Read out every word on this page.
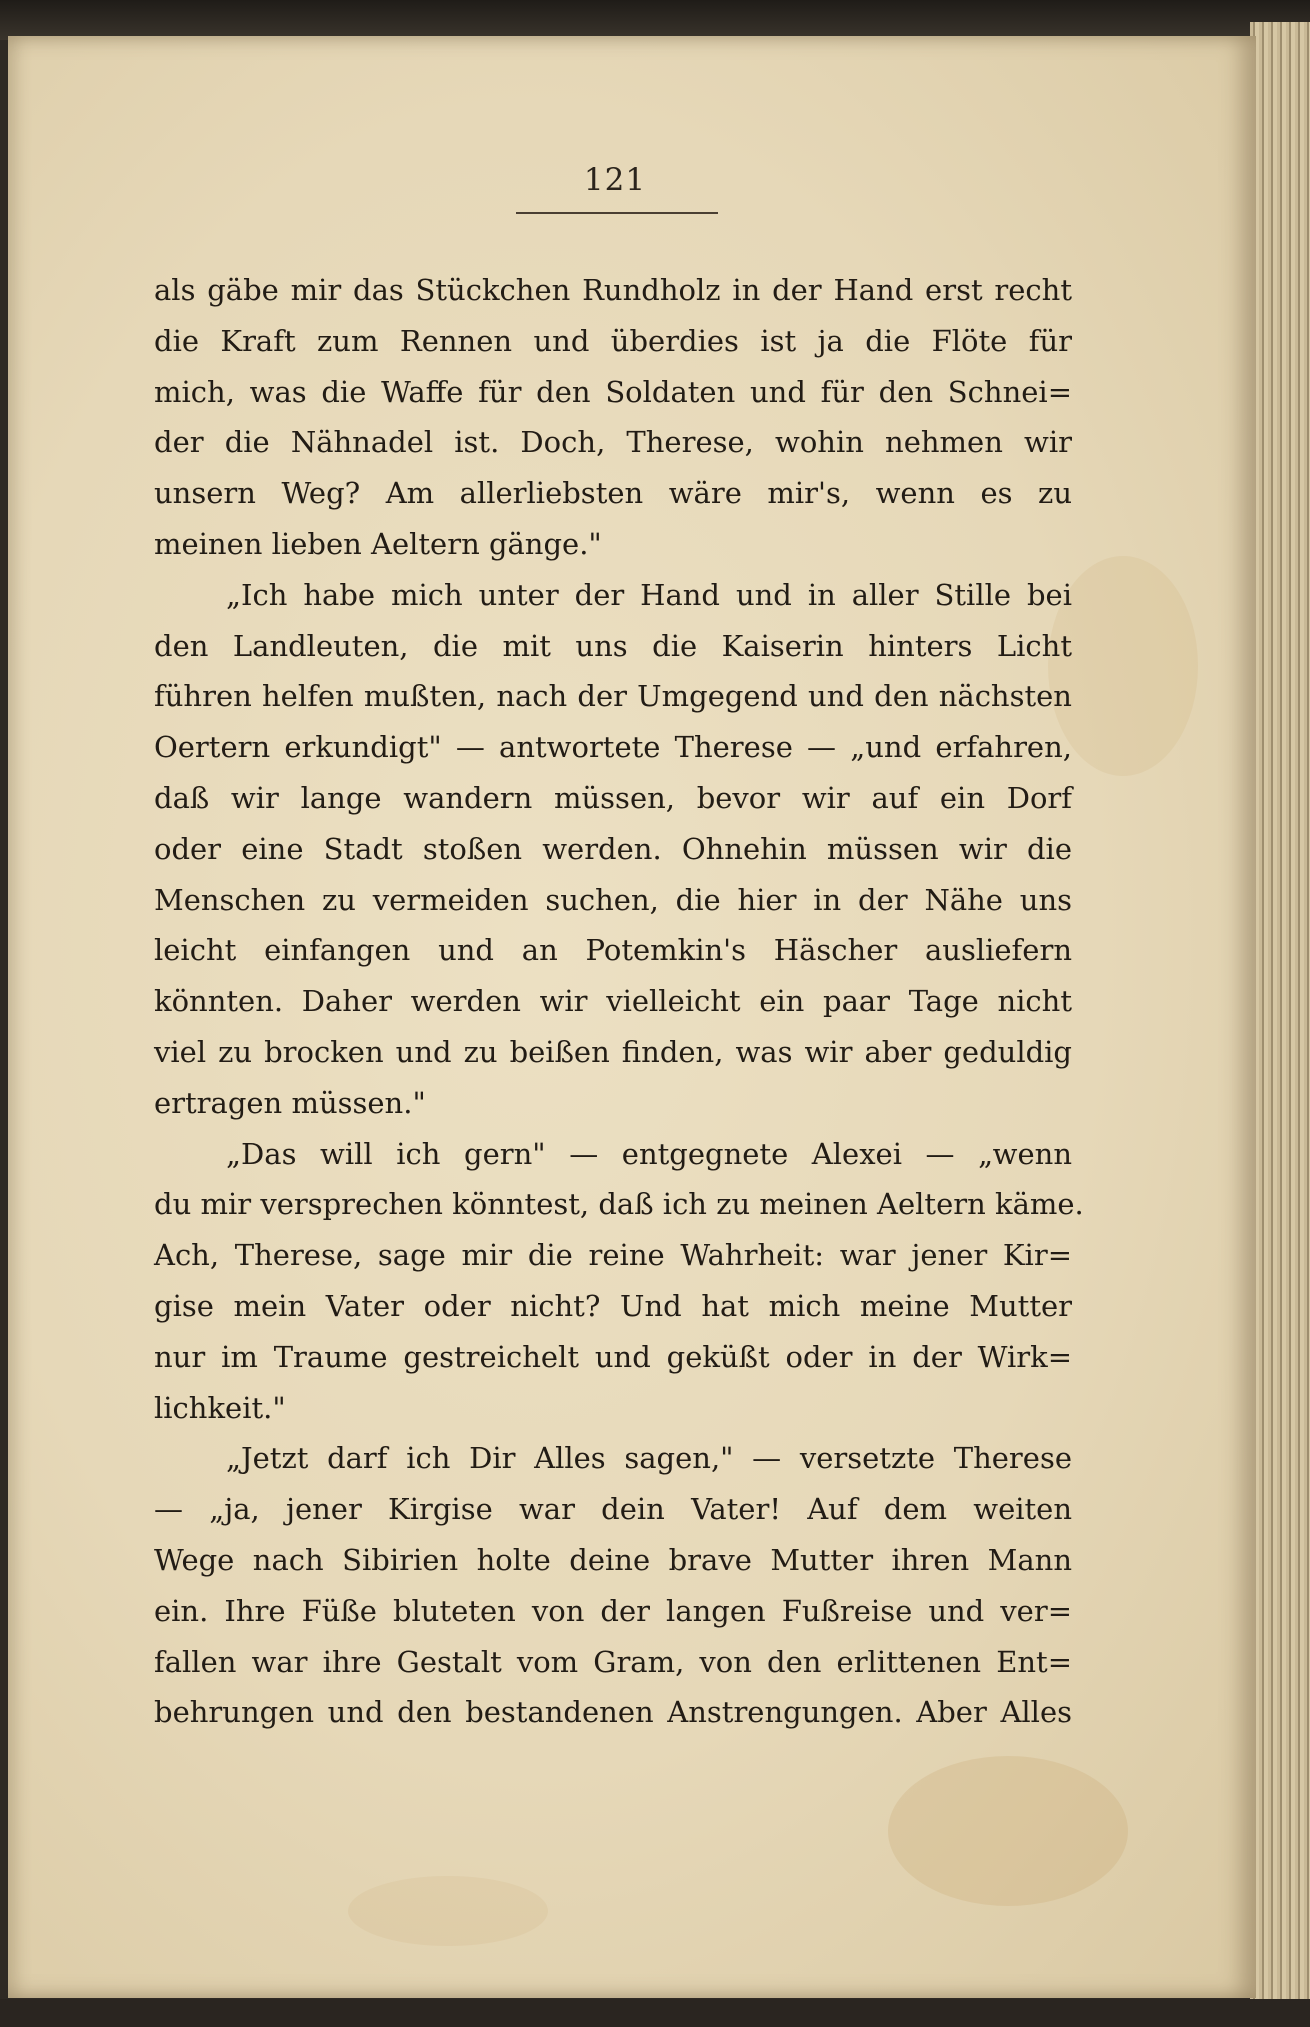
121
als gäbe mir das Stückchen Rundholz in der Hand erst recht
die Kraft zum Rennen und überdies ist ja die Flöte für
mich, was die Waffe für den Soldaten und für den Schnei=
der die Nähnadel ist. Doch, Therese, wohin nehmen wir
unsern Weg? Am allerliebsten wäre mir's, wenn es zu
meinen lieben Aeltern gänge."
„Ich habe mich unter der Hand und in aller Stille bei
den Landleuten, die mit uns die Kaiserin hinters Licht
führen helfen mußten, nach der Umgegend und den nächsten
Oertern erkundigt" — antwortete Therese — „und erfahren,
daß wir lange wandern müssen, bevor wir auf ein Dorf
oder eine Stadt stoßen werden. Ohnehin müssen wir die
Menschen zu vermeiden suchen, die hier in der Nähe uns
leicht einfangen und an Potemkin's Häscher ausliefern
könnten. Daher werden wir vielleicht ein paar Tage nicht
viel zu brocken und zu beißen finden, was wir aber geduldig
ertragen müssen."
„Das will ich gern" — entgegnete Alexei — „wenn
du mir versprechen könntest, daß ich zu meinen Aeltern käme.
Ach, Therese, sage mir die reine Wahrheit: war jener Kir=
gise mein Vater oder nicht? Und hat mich meine Mutter
nur im Traume gestreichelt und geküßt oder in der Wirk=
lichkeit."
„Jetzt darf ich Dir Alles sagen," — versetzte Therese
— „ja, jener Kirgise war dein Vater! Auf dem weiten
Wege nach Sibirien holte deine brave Mutter ihren Mann
ein. Ihre Füße bluteten von der langen Fußreise und ver=
fallen war ihre Gestalt vom Gram, von den erlittenen Ent=
behrungen und den bestandenen Anstrengungen. Aber Alles
